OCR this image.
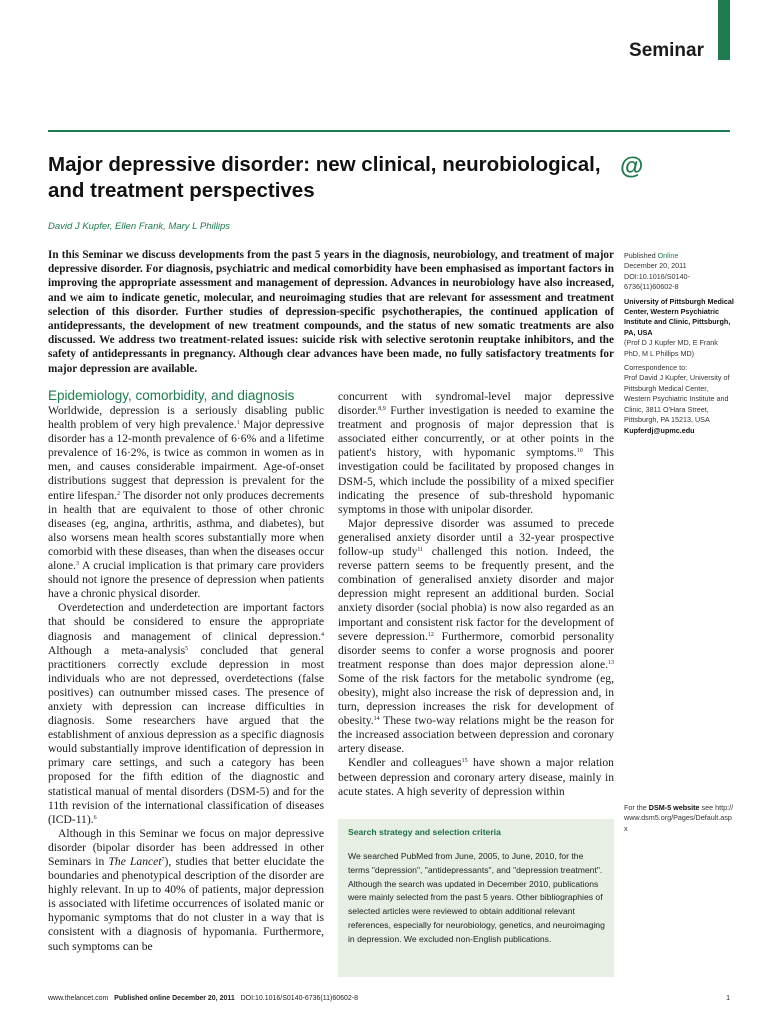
Seminar
Major depressive disorder: new clinical, neurobiological, and treatment perspectives
@
David J Kupfer, Ellen Frank, Mary L Phillips
In this Seminar we discuss developments from the past 5 years in the diagnosis, neurobiology, and treatment of major depressive disorder. For diagnosis, psychiatric and medical comorbidity have been emphasised as important factors in improving the appropriate assessment and management of depression. Advances in neurobiology have also increased, and we aim to indicate genetic, molecular, and neuroimaging studies that are relevant for assessment and treatment selection of this disorder. Further studies of depression-specific psychotherapies, the continued application of antidepressants, the development of new treatment compounds, and the status of new somatic treatments are also discussed. We address two treatment-related issues: suicide risk with selective serotonin reuptake inhibitors, and the safety of antidepressants in pregnancy. Although clear advances have been made, no fully satisfactory treatments for major depression are available.
Published Online
December 20, 2011
DOI:10.1016/S0140-6736(11)60602-8
University of Pittsburgh Medical Center, Western Psychiatric Institute and Clinic, Pittsburgh, PA, USA
(Prof D J Kupfer MD, E Frank PhD, M L Phillips MD)
Correspondence to:
Prof David J Kupfer, University of Pittsburgh Medical Center, Western Psychiatric Institute and Clinic, 3811 O'Hara Street, Pittsburgh, PA 15213, USA
Kupferdj@upmc.edu
For the DSM-5 website see http://www.dsm5.org/Pages/Default.aspx
Epidemiology, comorbidity, and diagnosis

Worldwide, depression is a seriously disabling public health problem of very high prevalence.$^1$ Major depressive disorder has a 12-month prevalence of 6·6% and a lifetime prevalence of 16·2%, is twice as common in women as in men, and causes considerable impairment. Age-of-onset distributions suggest that depression is prevalent for the entire lifespan.$^2$ The disorder not only produces decrements in health that are equivalent to those of other chronic diseases (eg, angina, arthritis, asthma, and diabetes), but also worsens mean health scores substantially more when comorbid with these diseases, than when the diseases occur alone.$^3$ A crucial implication is that primary care providers should not ignore the presence of depression when patients have a chronic physical disorder.

Overdetection and underdetection are important factors that should be considered to ensure the appropriate diagnosis and management of clinical depression.$^4$ Although a meta-analysis$^5$ concluded that general practitioners correctly exclude depression in most individuals who are not depressed, overdetections (false positives) can outnumber missed cases. The presence of anxiety with depression can increase difficulties in diagnosis. Some researchers have argued that the establishment of anxious depression as a specific diagnosis would substantially improve identification of depression in primary care settings, and such a category has been proposed for the fifth edition of the diagnostic and statistical manual of mental disorders (DSM-5) and for the 11th revision of the international classification of diseases (ICD-11).$^6$

Although in this Seminar we focus on major depressive disorder (bipolar disorder has been addressed in other Seminars in The Lancet$^7$), studies that better elucidate the boundaries and phenotypical description of the disorder are highly relevant. In up to 40% of patients, major depression is associated with lifetime occurrences of isolated manic or hypomanic symptoms that do not cluster in a way that is consistent with a diagnosis of hypomania. Furthermore, such symptoms can be

concurrent with syndromal-level major depressive disorder.$^{8,9}$ Further investigation is needed to examine the treatment and prognosis of major depression that is associated either concurrently, or at other points in the patient's history, with hypomanic symptoms.$^{10}$ This investigation could be facilitated by proposed changes in DSM-5, which include the possibility of a mixed specifier indicating the presence of sub-threshold hypomanic symptoms in those with unipolar disorder.

Major depressive disorder was assumed to precede generalised anxiety disorder until a 32-year prospective follow-up study$^{11}$ challenged this notion. Indeed, the reverse pattern seems to be frequently present, and the combination of generalised anxiety disorder and major depression might represent an additional burden. Social anxiety disorder (social phobia) is now also regarded as an important and consistent risk factor for the development of severe depression.$^{12}$ Furthermore, comorbid personality disorder seems to confer a worse prognosis and poorer treatment response than does major depression alone.$^{13}$ Some of the risk factors for the metabolic syndrome (eg, obesity), might also increase the risk of depression and, in turn, depression increases the risk for development of obesity.$^{14}$ These two-way relations might be the reason for the increased association between depression and coronary artery disease.

Kendler and colleagues$^{15}$ have shown a major relation between depression and coronary artery disease, mainly in acute states. A high severity of depression within

Search strategy and selection criteria
We searched PubMed from June, 2005, to June, 2010, for the terms "depression", "antidepressants", and "depression treatment". Although the search was updated in December 2010, publications were mainly selected from the past 5 years. Other bibliographies of selected articles were reviewed to obtain additional relevant references, especially for neurobiology, genetics, and neuroimaging in depression. We excluded non-English publications.
www.thelancet.com Published online December 20, 2011 DOI:10.1016/S0140-6736(11)60602-8	1
